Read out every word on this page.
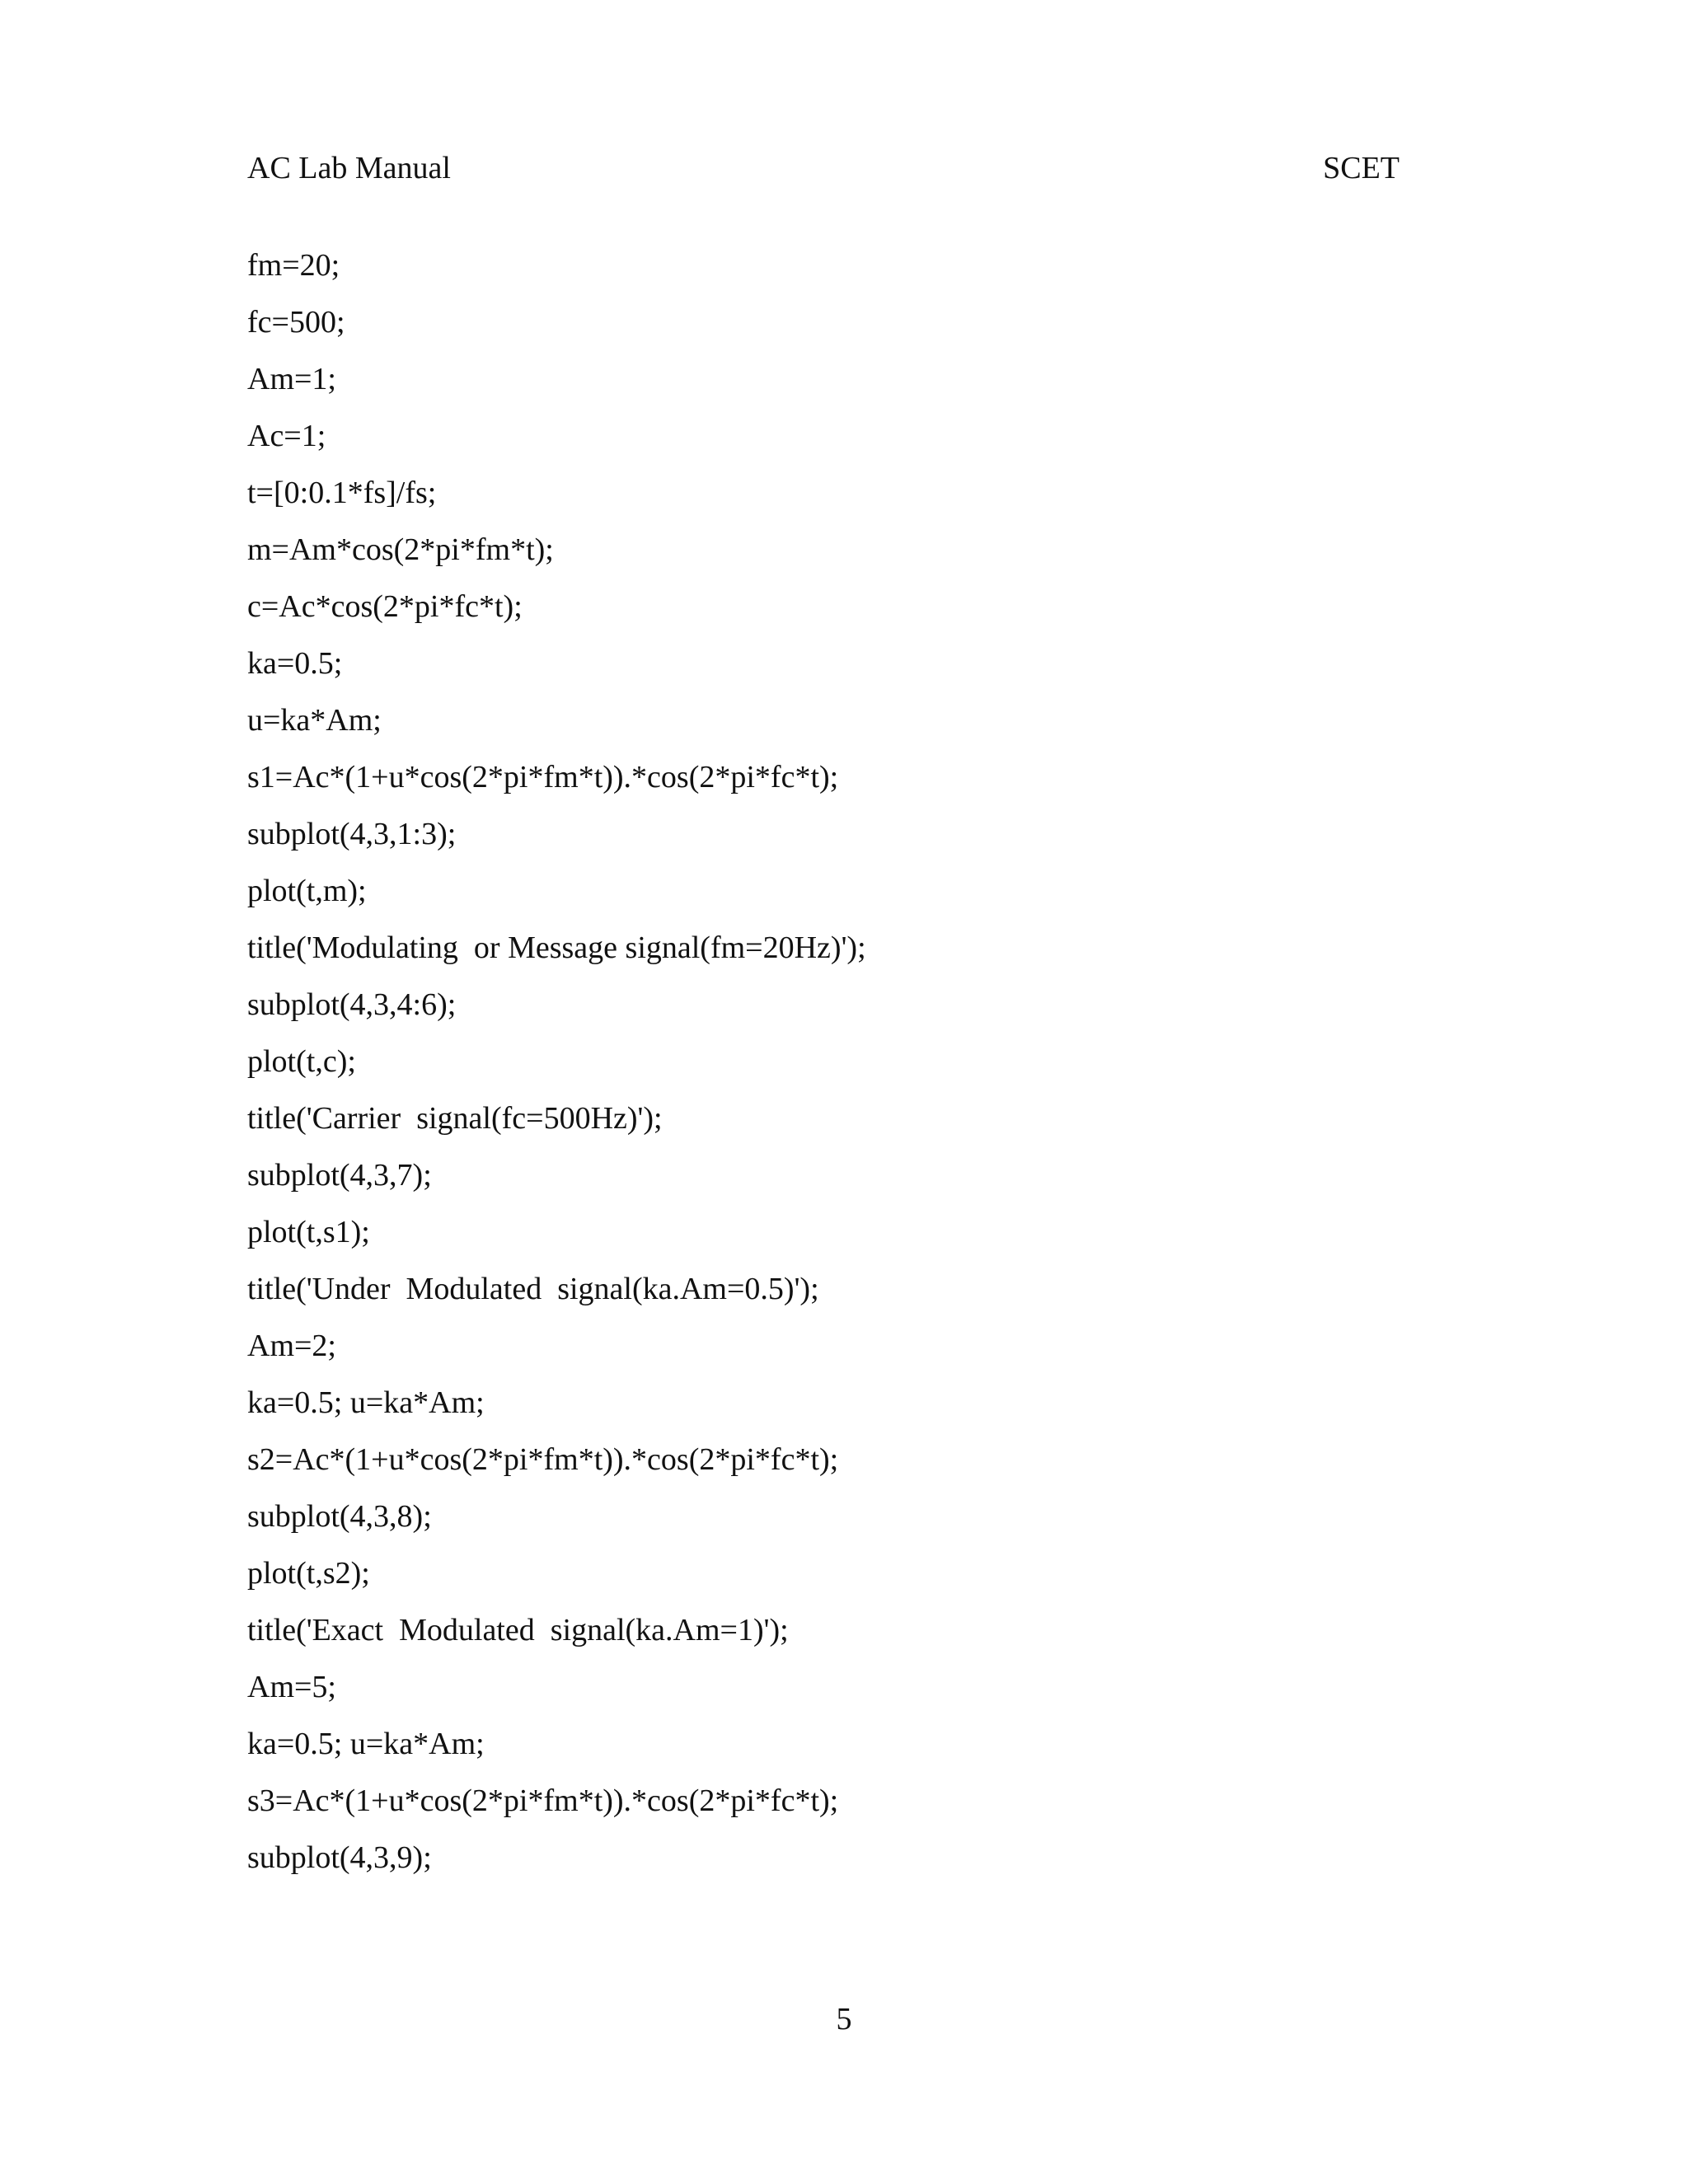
AC Lab Manual	SCET
fm=20;
fc=500;
Am=1;
Ac=1;
t=[0:0.1*fs]/fs;
m=Am*cos(2*pi*fm*t);
c=Ac*cos(2*pi*fc*t);
ka=0.5;
u=ka*Am;
s1=Ac*(1+u*cos(2*pi*fm*t)).*cos(2*pi*fc*t);
subplot(4,3,1:3);
plot(t,m);
title('Modulating  or Message signal(fm=20Hz)');
subplot(4,3,4:6);
plot(t,c);
title('Carrier  signal(fc=500Hz)');
subplot(4,3,7);
plot(t,s1);
title('Under  Modulated  signal(ka.Am=0.5)');
Am=2;
ka=0.5; u=ka*Am;
s2=Ac*(1+u*cos(2*pi*fm*t)).*cos(2*pi*fc*t);
subplot(4,3,8);
plot(t,s2);
title('Exact  Modulated  signal(ka.Am=1)');
Am=5;
ka=0.5; u=ka*Am;
s3=Ac*(1+u*cos(2*pi*fm*t)).*cos(2*pi*fc*t);
subplot(4,3,9);
5
